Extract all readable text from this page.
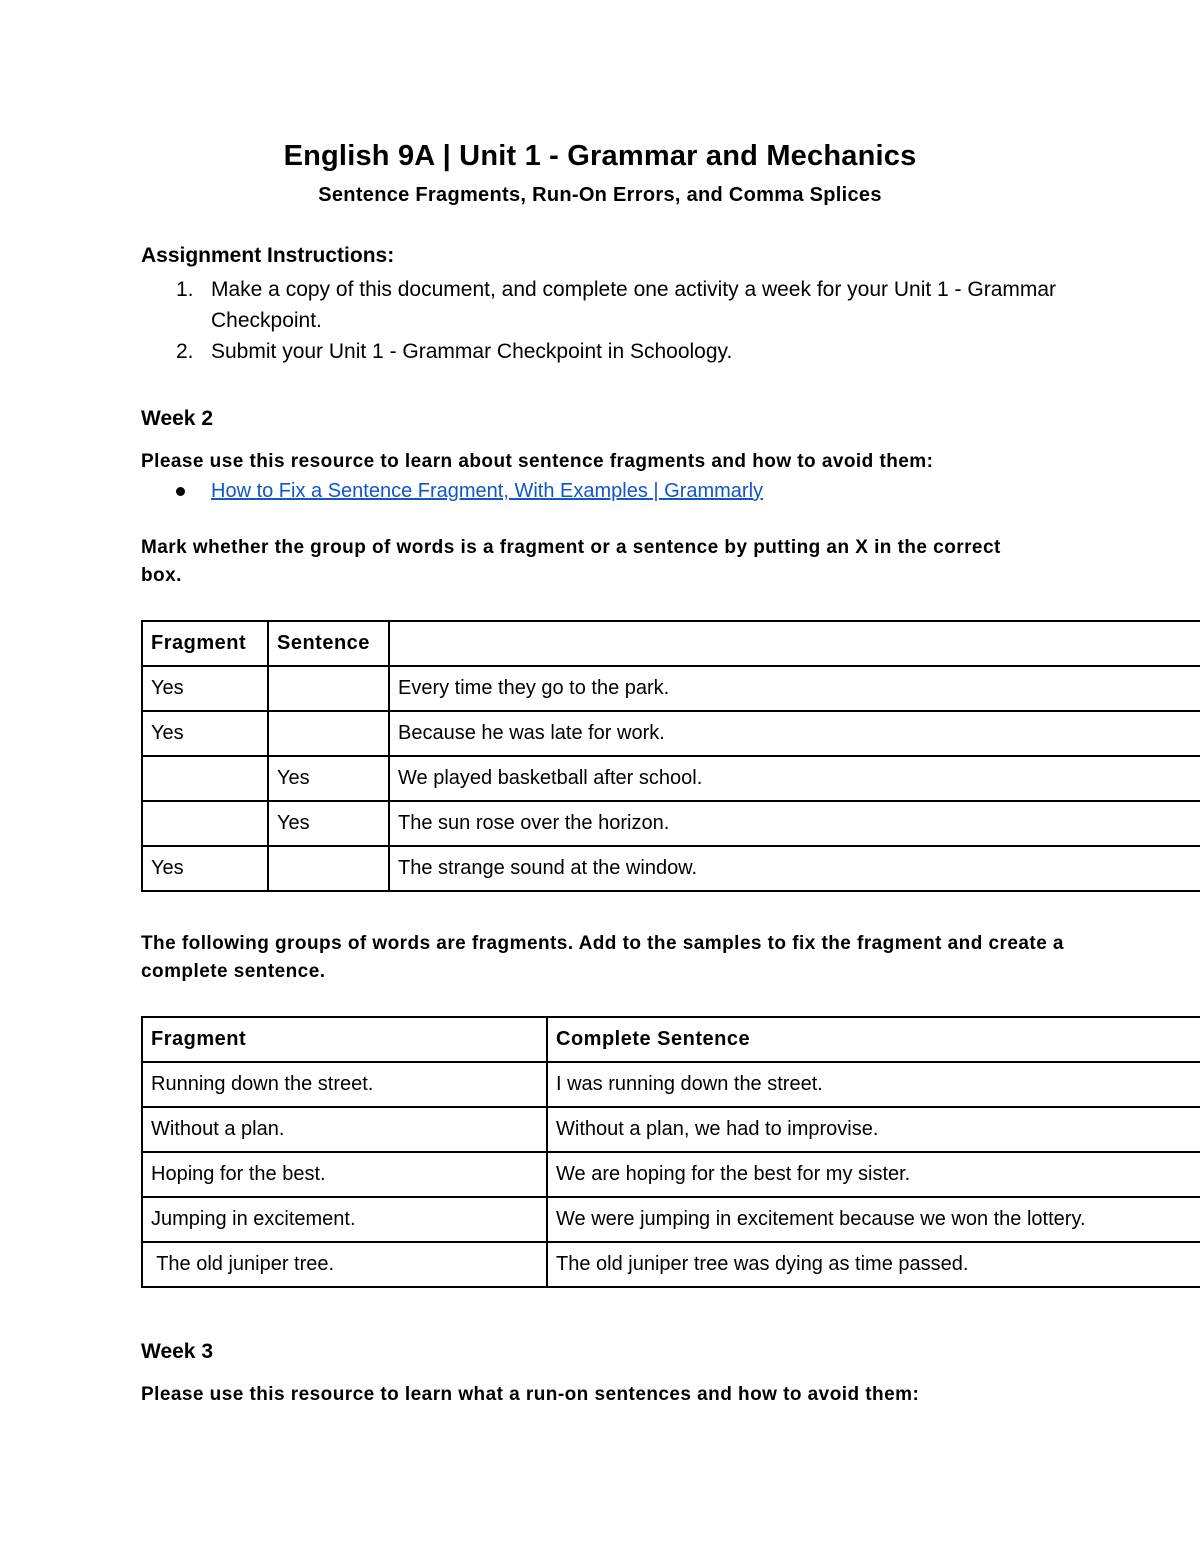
English 9A | Unit 1 - Grammar and Mechanics
Sentence Fragments, Run-On Errors, and Comma Splices
Assignment Instructions:
1. Make a copy of this document, and complete one activity a week for your Unit 1 - Grammar Checkpoint.
2. Submit your Unit 1 - Grammar Checkpoint in Schoology.
Week 2
Please use this resource to learn about sentence fragments and how to avoid them:
How to Fix a Sentence Fragment, With Examples | Grammarly
Mark whether the group of words is a fragment or a sentence by putting an X in the correct box.
Fragment	Sentence	
Yes		Every time they go to the park.
Yes		Because he was late for work.
	Yes	We played basketball after school.
	Yes	The sun rose over the horizon.
Yes		The strange sound at the window.
The following groups of words are fragments. Add to the samples to fix the fragment and create a complete sentence.
Fragment	Complete Sentence
Running down the street.	I was running down the street.
Without a plan.	Without a plan, we had to improvise.
Hoping for the best.	We are hoping for the best for my sister.
Jumping in excitement.	We were jumping in excitement because we won the lottery.
The old juniper tree.	The old juniper tree was dying as time passed.
Week 3
Please use this resource to learn what a run-on sentences and how to avoid them:
